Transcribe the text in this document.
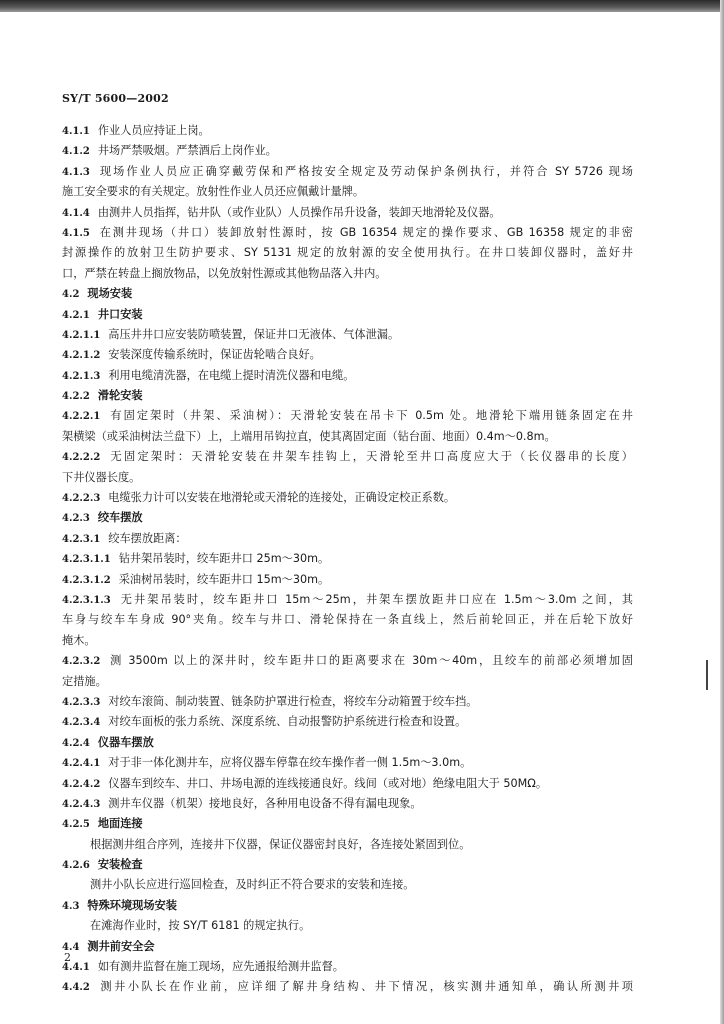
SY/T 5600—2002
4.1.1 作业人员应持证上岗。
4.1.2 井场严禁吸烟。严禁酒后上岗作业。
4.1.3 现场作业人员应正确穿戴劳保和严格按安全规定及劳动保护条例执行，并符合 SY 5726 现场
施工安全要求的有关规定。放射性作业人员还应佩戴计量牌。
4.1.4 由测井人员指挥，钻井队（或作业队）人员操作吊升设备，装卸天地滑轮及仪器。
4.1.5 在测井现场（井口）装卸放射性源时，按 GB 16354 规定的操作要求、GB 16358 规定的非密
封源操作的放射卫生防护要求、SY 5131 规定的放射源的安全使用执行。在井口装卸仪器时，盖好井
口，严禁在转盘上搁放物品，以免放射性源或其他物品落入井内。
4.2 现场安装
4.2.1 井口安装
4.2.1.1 高压井井口应安装防喷装置，保证井口无液体、气体泄漏。
4.2.1.2 安装深度传输系统时，保证齿轮啮合良好。
4.2.1.3 利用电缆清洗器，在电缆上提时清洗仪器和电缆。
4.2.2 滑轮安装
4.2.2.1 有固定架时（井架、采油树）：天滑轮安装在吊卡下 0.5m 处。地滑轮下端用链条固定在井
架横梁（或采油树法兰盘下）上，上端用吊钩拉直，使其离固定面（钻台面、地面）0.4m～0.8m。
4.2.2.2 无固定架时：天滑轮安装在井架车挂钩上，天滑轮至井口高度应大于（长仪器串的长度）
下井仪器长度。
4.2.2.3 电缆张力计可以安装在地滑轮或天滑轮的连接处，正确设定校正系数。
4.2.3 绞车摆放
4.2.3.1 绞车摆放距离：
4.2.3.1.1 钻井架吊装时，绞车距井口 25m～30m。
4.2.3.1.2 采油树吊装时，绞车距井口 15m～30m。
4.2.3.1.3 无井架吊装时，绞车距井口 15m～25m，井架车摆放距井口应在 1.5m～3.0m 之间，其
车身与绞车车身成 90°夹角。绞车与井口、滑轮保持在一条直线上，然后前轮回正，并在后轮下放好
掩木。
4.2.3.2 测 3500m 以上的深井时，绞车距井口的距离要求在 30m～40m，且绞车的前部必须增加固
定措施。
4.2.3.3 对绞车滚筒、制动装置、链条防护罩进行检查，将绞车分动箱置于绞车挡。
4.2.3.4 对绞车面板的张力系统、深度系统、自动报警防护系统进行检查和设置。
4.2.4 仪器车摆放
4.2.4.1 对于非一体化测井车，应将仪器车停靠在绞车操作者一侧 1.5m～3.0m。
4.2.4.2 仪器车到绞车、井口、井场电源的连线接通良好。线间（或对地）绝缘电阻大于 50MΩ。
4.2.4.3 测井车仪器（机架）接地良好，各种用电设备不得有漏电现象。
4.2.5 地面连接
根据测井组合序列，连接井下仪器，保证仪器密封良好，各连接处紧固到位。
4.2.6 安装检查
测井小队长应进行巡回检查，及时纠正不符合要求的安装和连接。
4.3 特殊环境现场安装
在滩海作业时，按 SY/T 6181 的规定执行。
4.4 测井前安全会
4.4.1 如有测井监督在施工现场，应先通报给测井监督。
4.4.2 测井小队长在作业前，应详细了解井身结构、井下情况，核实测井通知单，确认所测井项
2
